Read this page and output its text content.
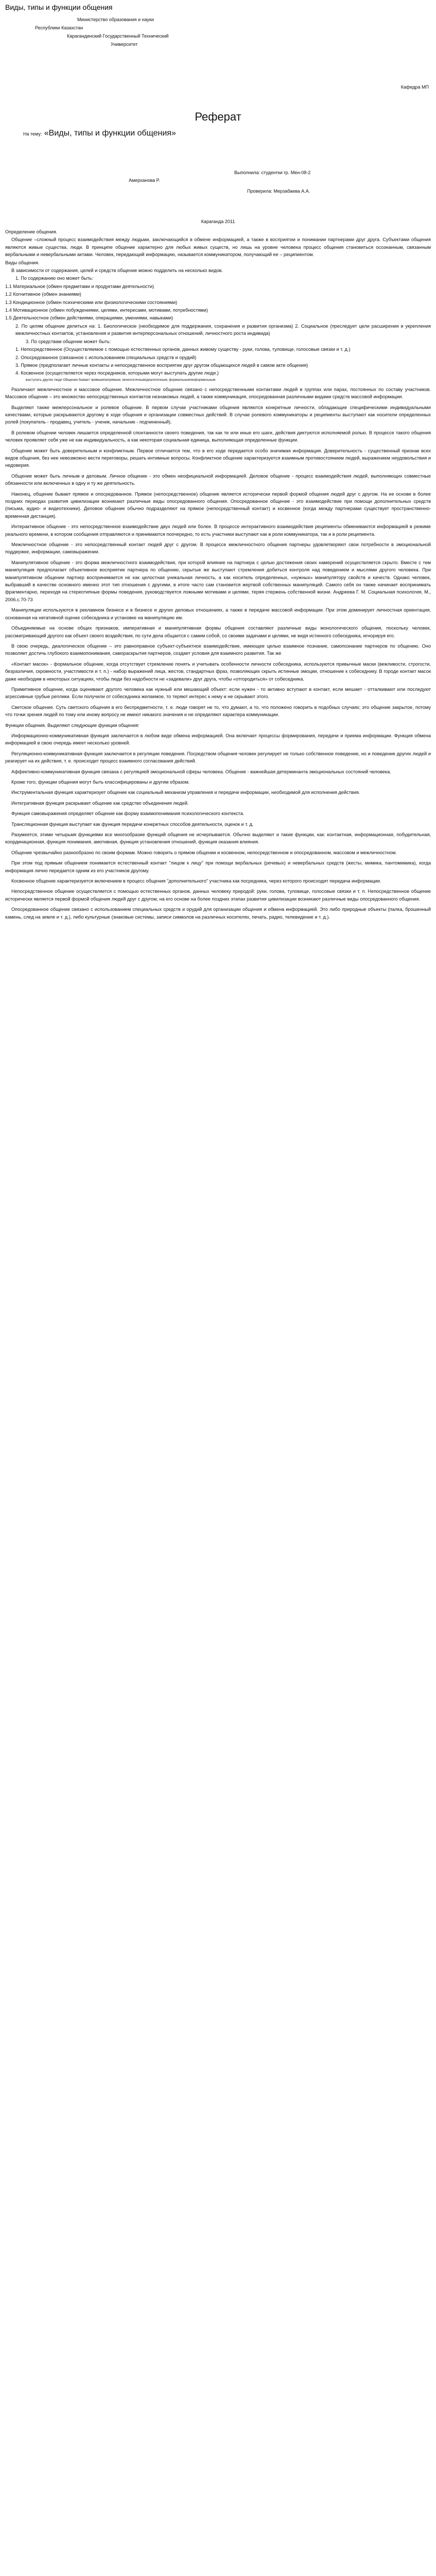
Виды, типы и функции общения
Министерство образования и науки
Республики Казахстан
Карагандинский Государственный Технический
Университет
Кафедра МП
Реферат
На тему: «Виды, типы и функции общения»
Выполнила: студентки гр. Мен-08-2
Амерханова Р.
Проверила: Мерзабаева А.А.
Караганда 2011

Определение общения.

Общение –сложный процесс взаимодействия между людьми, заключающийся в обмене информацией, а также в восприятии и понимании партнерами друг друга. Субъектами общения являются живые существа, люди. В принципе общение характерно для любых живых существ, но лишь на уровне человека процесс общения становиться осознанным, связанным вербальными и невербальными актами. Человек, передающий информацию, называется коммуникатором, получающий ее – реципиентом.

Виды общения.

В зависимости от содержания, целей и средств общение можно подделить на несколько видов.

1. По содержанию оно может быть:

1.1 Материальное (обмен предметами и продуктами деятельности)

1.2 Когнитивное (обмен знаниями)

1.3 Кондиционное (обмен психическими или физиологическими состояниями)

1.4 Мотивационное (обмен побуждениями, целями, интересами, мотивами, потребностями)

1.5 Деятельностное (обмен действиями, операциями, умениями, навыками)

2. По целям общение делиться на: 1. Биологическое (необходимое для поддержания, сохранения и развития организма) 2. Социальное (преследует цели расширения и укрепления межличностных контактов, установления и развития интерперсональных отношений, личностного роста индивида)

3. По средствам общение может быть:

1. Непосредственное (Осуществляемое с помощью естественных органов, данных живому существу - руки, голова, туловище, голосовые связки и т. д.)

2. Опосредованное (связанное с использованием специальных средств и орудий)

3. Прямое (предполагает личные контакты и непосредственное восприятие друг другом общающихся людей в самом акте общения)

4. Косвенное (осуществляется через посредников, которыми могут выступать другие люди.)

выступать другие люди Общение бывает прямым/непрямым, монологичным/диалогичным, формальным/неформальным

Различают межличностное и массовое общение. Межличностное общение связано с непосредственными контактами людей в группах или парах, постоянных по составу участников. Массовое общение – это множество непосредственных контактов незнакомых людей, а также коммуникация, опосредованная различными видами средств массовой информации.

Выделяют также межперсональное и ролевое общение. В первом случае участниками общения являются конкретные личности, обладающие специфическими индивидуальными качествами, которые раскрываются другому в ходе общения и организации совместных действий. В случае ролевого коммуникаторы и реципиенты выступают как носители определенных ролей (покупатель - продавец, учитель - ученик, начальник - подчиненный).

В ролевом общении человек лишается определенной спонтанности своего поведения, так как те или иные его шаги, действия диктуются исполняемой ролью. В процессе такого общения человек проявляет себя уже не как индивидуальность, а как некоторая социальная единица, выполняющая определенные функции.

Общение может быть доверительным и конфликтным. Первое отличается тем, что в его ходе передается особо значимая информация. Доверительность - существенный признак всех видов общения, без нее невозможно вести переговоры, решать интимные вопросы. Конфликтное общение характеризуется взаимным противостоянием людей, выражением неудовольствия и недоверия.

Общение может быть личным и деловым. Личное общение - это обмен неофициальной информацией. Деловое общение - процесс взаимодействия людей, выполняющих совместные обязанности или включенных в одну и ту же деятельность.

Наконец, общение бывает прямое и опосредованное. Прямое (непосредственное) общение является исторически первой формой общения людей друг с другом. На ее основе в более поздних периодах развития цивилизации возникают различные виды опосредованного общения. Опосредованное общение - это взаимодействие при помощи дополнительных средств (письма, аудио- и видеотехники). Деловое общение обычно подразделяют на прямое (непосредственный контакт) и косвенное (когда между партнерами существует пространственно-временная дистанция).

Интерактивное общение - это непосредственное взаимодействие двух людей или более. В процессе интерактивного взаимодействия реципиенты обмениваются информацией в режиме реального времени, в котором сообщения отправляются и принимаются поочередно, то есть участники выступают как в роли коммуникатора, так и в роли реципиента.

Межличностное общение - это непосредственный контакт людей друг с другом. В процессе межличностного общения партнеры удовлетворяют свои потребности в эмоциональной поддержке, информации, самовыражении.

Манипулятивное общение - это форма межличностного взаимодействия, при которой влияние на партнера с целью достижения своих намерений осуществляется скрыто. Вместе с тем манипуляция предполагает объективное восприятие партнера по общению, скрытые же выступают стремления добиться контроля над поведением и мыслями другого человека. При манипулятивном общении партнер воспринимается не как целостная уникальная личность, а как носитель определенных, «нужных» манипулятору свойств и качеств. Однако человек, выбравший в качестве основного именно этот тип отношения с другими, в итоге часто сам становится жертвой собственных манипуляций. Самого себя он также начинает воспринимать фрагментарно, переходя на стереотипные формы поведения, руководствуется ложными мотивами и целями, теряя стержень собственной жизни. Андреева Г. М. Социальная психология, М., 2006.с.70-73

Манипуляции используются в рекламном бизнесе и в бизнесе и других деловых отношениях, а также в передаче массовой информации. При этом доминирует личностная ориентация, основанная на негативной оценке собеседника и установке на манипуляцию им.

Объединяемые на основе общих признаков, императивная и манипулятивная формы общения составляют различные виды монологического общения, поскольку человек, рассматривающий другого как объект своего воздействия, по сути дела общается с самим собой, со своими задачами и целями, не видя истинного собеседника, игнорируя его.

В свою очередь, диалогическое общение – это равноправное субъект-субъектное взаимодействие, имеющее целью взаимное познание, самопознание партнеров по общению. Оно позволяет достичь глубокого взаимопонимания, самораскрытия партнеров, создает условия для взаимного развития. Так же

«Контакт масок» - формальное общение, когда отсутствует стремление понять и учитывать особенности личности собеседника, используются привычные маски (вежливости, строгости, безразличия, скромности, участливости и т. п.) - набор выражений лица, жестов, стандартных фраз, позволяющих скрыть истинные эмоции, отношение к собеседнику. В городе контакт масок даже необходим в некоторых ситуациях, чтобы люди без надобности не «задевали» друг друга, чтобы «отгородиться» от собеседника.

Примитивное общение, когда оценивают другого человека как нужный или мешающий объект: если нужен - то активно вступают в контакт, если мешает - отталкивают или последуют агрессивные грубые реплики. Если получили от собеседника желаемое, то теряют интерес к нему и не скрывают этого.

Светское общение. Суть светского общения в его беспредметности, т. е. люди говорят не то, что думают, а то, что положено говорить в подобных случаях; это общение закрытое, потому что точки зрения людей по тому или иному вопросу не имеют никакого значения и не определяют характера коммуникации.

Функции общения. Выделяют следующие функции общения:

Информационно-коммуникативная функция заключается в любом виде обмена информацией. Она включает процессы формирования, передачи и приема информации. Функция обмена информацией в свою очередь имеет несколько уровней.

Регуляционно-коммуникативная функция заключается в регуляции поведения. Посредством общения человек регулирует не только собственное поведение, но и поведение других людей и реагирует на их действия, т. е. происходит процесс взаимного согласования действий.

Аффективно-коммуникативная функция связана с регуляцией эмоциональной сферы человека. Общение - важнейшая детерминанта эмоциональных состояний человека.

Кроме того, функции общения могут быть классифицированы и другим образом.

Инструментальная функция характеризует общение как социальный механизм управления и передачи информации, необходимой для исполнения действия.

Интегративная функция раскрывает общение как средство объединения людей.

Функция самовыражения определяет общение как форму взаимопонимания психологического контекста.

Трансляционная функция выступает как функция передачи конкретных способов деятельности, оценок и т. д.

Разумеется, этими четырьмя функциями все многообразие функций общения не исчерпывается. Обычно выделяют и такие функции, как: контактная, информационная, побудительная, координационная, функция понимания, амотивная, функция установления отношений, функция оказания влияния.

Общение чрезвычайно разнообразно по своим формам. Можно говорить о прямом общении и косвенном, непосредственном и опосредованном, массовом и межличностном.

При этом под прямым общением понимается естественный контакт "лицом к лицу" при помощи вербальных (речевых) и невербальных средств (жесты, мимика, пантомимика), когда информация лично передается одним из его участников другому.

Косвенное общение характеризуется включением в процесс общения "дополнительного" участника как посредника, через которого происходит передача информации.

Непосредственное общение осуществляется с помощью естественных органов, данных человеку природой: руки, голова, туловище, голосовые связки и т. п. Непосредственное общение исторически является первой формой общения людей друг с другом, на его основе на более поздних этапах развития цивилизации возникают различные виды опосредованного общения.

Опосредованное общение связано с использованием специальных средств и орудий для организации общения и обмена информацией. Это либо природные объекты (палка, брошенный камень, след на земле и т. д.), либо культурные (знаковые системы, записи символов на различных носителях, печать, радио, телевидение и т. д.).
